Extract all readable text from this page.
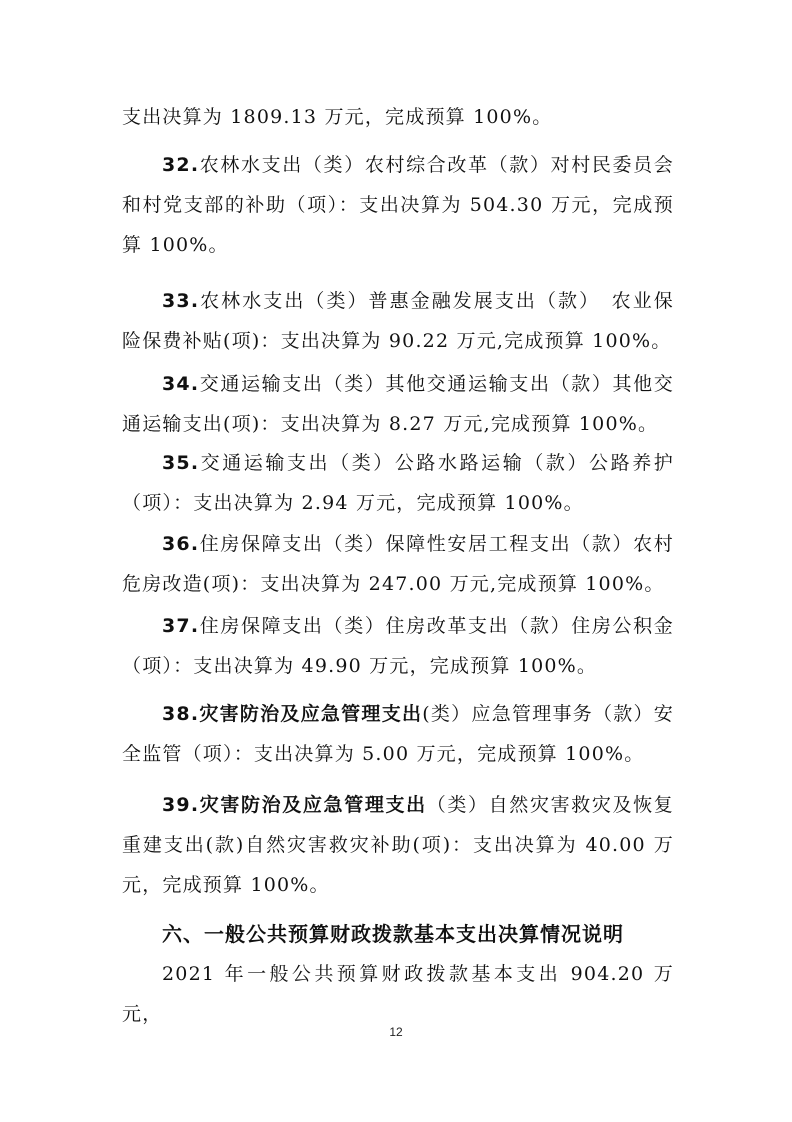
支出决算为 1809.13 万元，完成预算 100%。

32.农林水支出（类）农村综合改革（款）对村民委员会和村党支部的补助（项）：支出决算为 504.30 万元，完成预算 100%。

33.农林水支出（类）普惠金融发展支出（款）　农业保险保费补贴(项)：支出决算为 90.22 万元,完成预算 100%。

34.交通运输支出（类）其他交通运输支出（款）其他交通运输支出(项)：支出决算为 8.27 万元,完成预算 100%。

35.交通运输支出（类）公路水路运输（款）公路养护（项）：支出决算为 2.94 万元，完成预算 100%。

36.住房保障支出（类）保障性安居工程支出（款）农村危房改造(项)：支出决算为 247.00 万元,完成预算 100%。

37.住房保障支出（类）住房改革支出（款）住房公积金（项）：支出决算为 49.90 万元，完成预算 100%。

38.灾害防治及应急管理支出(类）应急管理事务（款）安全监管（项）：支出决算为 5.00 万元，完成预算 100%。

39.灾害防治及应急管理支出（类）自然灾害救灾及恢复重建支出(款)自然灾害救灾补助(项)：支出决算为 40.00 万元，完成预算 100%。

六、一般公共预算财政拨款基本支出决算情况说明

2021 年一般公共预算财政拨款基本支出 904.20 万元，

12
